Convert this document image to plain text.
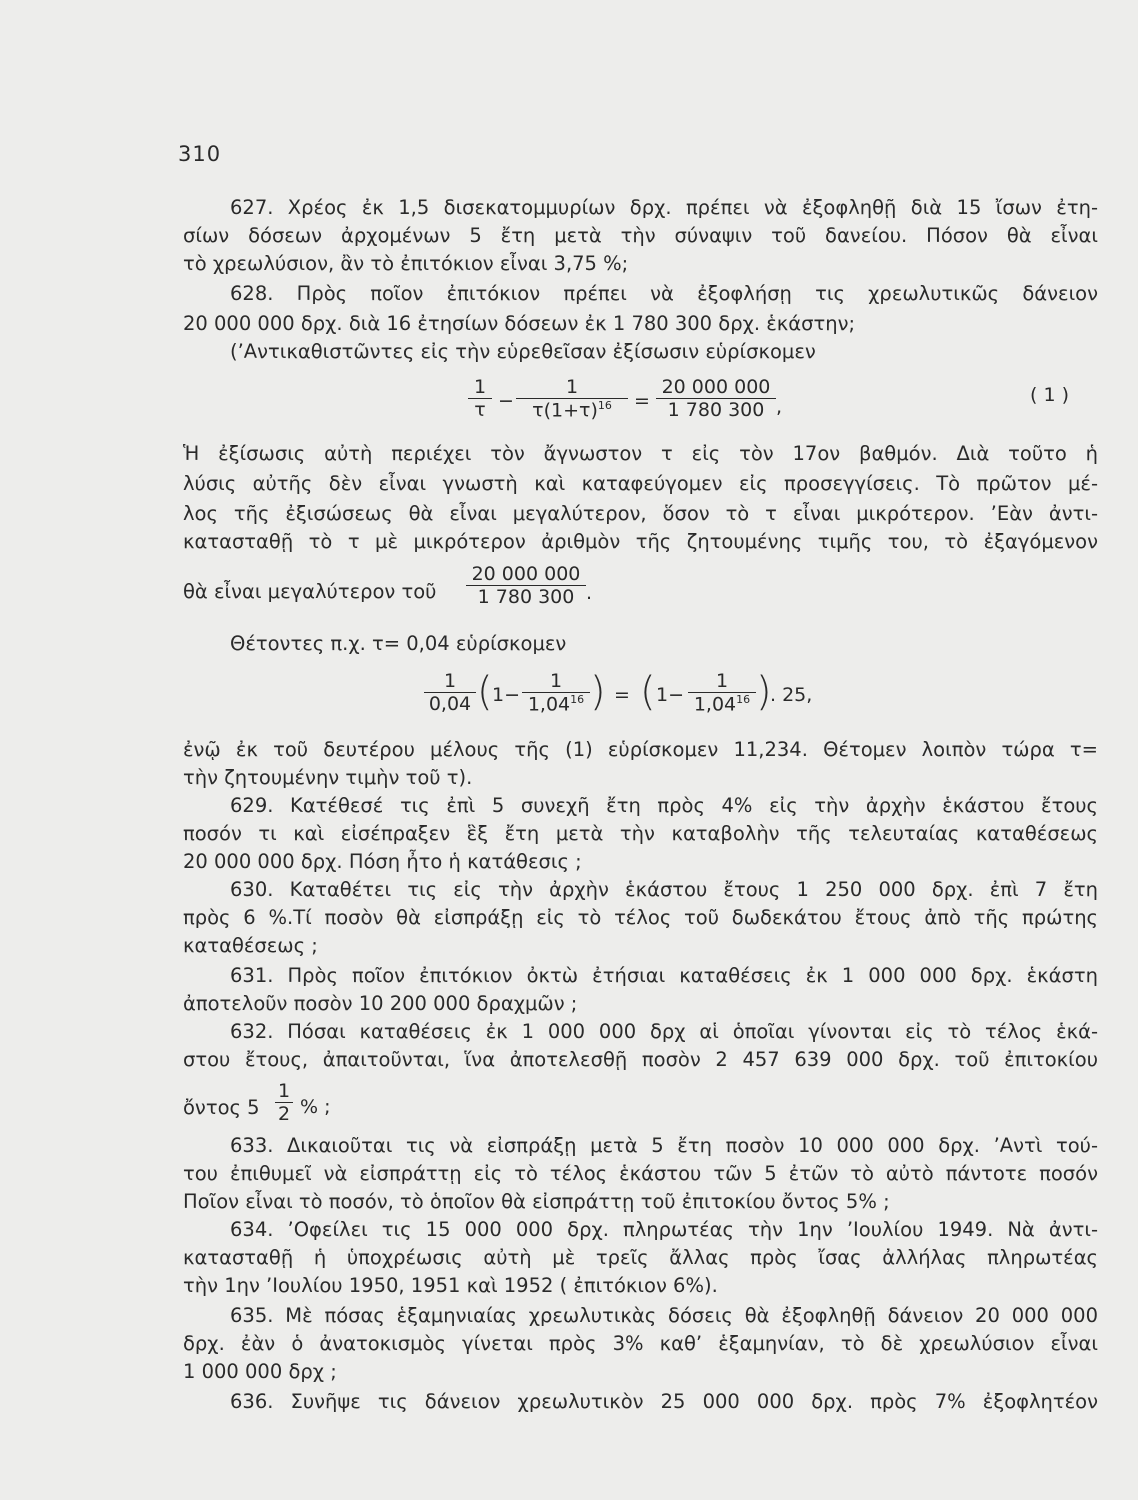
310
627. Χρέος ἐκ 1,5 δισεκατομμυρίων δρχ. πρέπει νὰ ἐξοφληθῇ διὰ 15 ἴσων ἐτη-
σίων δόσεων ἀρχομένων 5 ἔτη μετὰ τὴν σύναψιν τοῦ δανείου. Πόσον θὰ εἶναι
τὸ χρεωλύσιον, ἂν τὸ ἐπιτόκιον εἶναι 3,75 %;
628. Πρὸς ποῖον ἐπιτόκιον πρέπει νὰ ἐξοφλήσῃ τις χρεωλυτικῶς δάνειον
20 000 000 δρχ. διὰ 16 ἐτησίων δόσεων ἐκ 1 780 300 δρχ. ἑκάστην;
(’Αντικαθιστῶντες εἰς τὴν εὑρεθεῖσαν ἐξίσωσιν εὑρίσκομεν
$\frac{1}{\tau} - \frac{1}{\tau(1+\tau)^{16}} = \frac{20 000 000}{1 780 300}$ ,
( 1 )
Ἡ ἐξίσωσις αὐτὴ περιέχει τὸν ἄγνωστον τ εἰς τὸν 17ον βαθμόν. Διὰ τοῦτο ἡ
λύσις αὐτῆς δὲν εἶναι γνωστὴ καὶ καταφεύγομεν εἰς προσεγγίσεις. Τὸ πρῶτον μέ-
λος τῆς ἐξισώσεως θὰ εἶναι μεγαλύτερον, ὅσον τὸ τ εἶναι μικρότερον. ’Εὰν ἀντι-
κατασταθῇ τὸ τ μὲ μικρότερον ἀριθμὸν τῆς ζητουμένης τιμῆς του, τὸ ἐξαγόμενον
θὰ εἶναι μεγαλύτερον τοῦ $\frac{20 000 000}{1 780 300}$ .
Θέτοντες π.χ. τ= 0,04 εὑρίσκομεν
$\frac{1}{0,04}$ ( $1- \frac{1}{1,04^{16}}$ ) = ( $1- \frac{1}{1,04^{16}}$ )
. 25,
ἐνῷ ἐκ τοῦ δευτέρου μέλους τῆς (1) εὑρίσκομεν 11,234. Θέτομεν λοιπὸν τώρα τ=
τὴν ζητουμένην τιμὴν τοῦ τ).
629. Κατέθεσέ τις ἐπὶ 5 συνεχῆ ἔτη πρὸς 4% εἰς τὴν ἀρχὴν ἑκάστου ἔτους
ποσόν τι καὶ εἰσέπραξεν ἓξ ἔτη μετὰ τὴν καταβολὴν τῆς τελευταίας καταθέσεως
20 000 000 δρχ. Πόση ἦτο ἡ κατάθεσις ;
630. Καταθέτει τις εἰς τὴν ἀρχὴν ἑκάστου ἔτους 1 250 000 δρχ. ἐπὶ 7 ἔτη
πρὸς 6 %.Τί ποσὸν θὰ εἰσπράξῃ εἰς τὸ τέλος τοῦ δωδεκάτου ἔτους ἀπὸ τῆς πρώτης
καταθέσεως ;
631. Πρὸς ποῖον ἐπιτόκιον ὀκτὼ ἐτήσιαι καταθέσεις ἐκ 1 000 000 δρχ. ἑκάστη
ἀποτελοῦν ποσὸν 10 200 000 δραχμῶν ;
632. Πόσαι καταθέσεις ἐκ 1 000 000 δρχ αἱ ὁποῖαι γίνονται εἰς τὸ τέλος ἑκά-
στου ἔτους, ἀπαιτοῦνται, ἵνα ἀποτελεσθῇ ποσὸν 2 457 639 000 δρχ. τοῦ ἐπιτοκίου
ὄντος $5 \frac{1}{2}$ % ;
633. Δικαιοῦται τις νὰ εἰσπράξῃ μετὰ 5 ἔτη ποσὸν 10 000 000 δρχ. ’Αντὶ τού-
του ἐπιθυμεῖ νὰ εἰσπράττῃ εἰς τὸ τέλος ἑκάστου τῶν 5 ἐτῶν τὸ αὐτὸ πάντοτε ποσόν
Ποῖον εἶναι τὸ ποσόν, τὸ ὁποῖον θὰ εἰσπράττῃ τοῦ ἐπιτοκίου ὄντος 5% ;
634. ’Οφείλει τις 15 000 000 δρχ. πληρωτέας τὴν 1ην ’Ιουλίου 1949. Νὰ ἀντι-
κατασταθῇ ἡ ὑποχρέωσις αὐτὴ μὲ τρεῖς ἄλλας πρὸς ἴσας ἀλλήλας πληρωτέας
τὴν 1ην ’Ιουλίου 1950, 1951 καὶ 1952 ( ἐπιτόκιον 6%).
635. Μὲ πόσας ἑξαμηνιαίας χρεωλυτικὰς δόσεις θὰ ἐξοφληθῇ δάνειον 20 000 000
δρχ. ἐὰν ὁ ἀνατοκισμὸς γίνεται πρὸς 3% καθ’ ἑξαμηνίαν, τὸ δὲ χρεωλύσιον εἶναι
1 000 000 δρχ ;
636. Συνῆψε τις δάνειον χρεωλυτικὸν 25 000 000 δρχ. πρὸς 7% ἐξοφλητέον
